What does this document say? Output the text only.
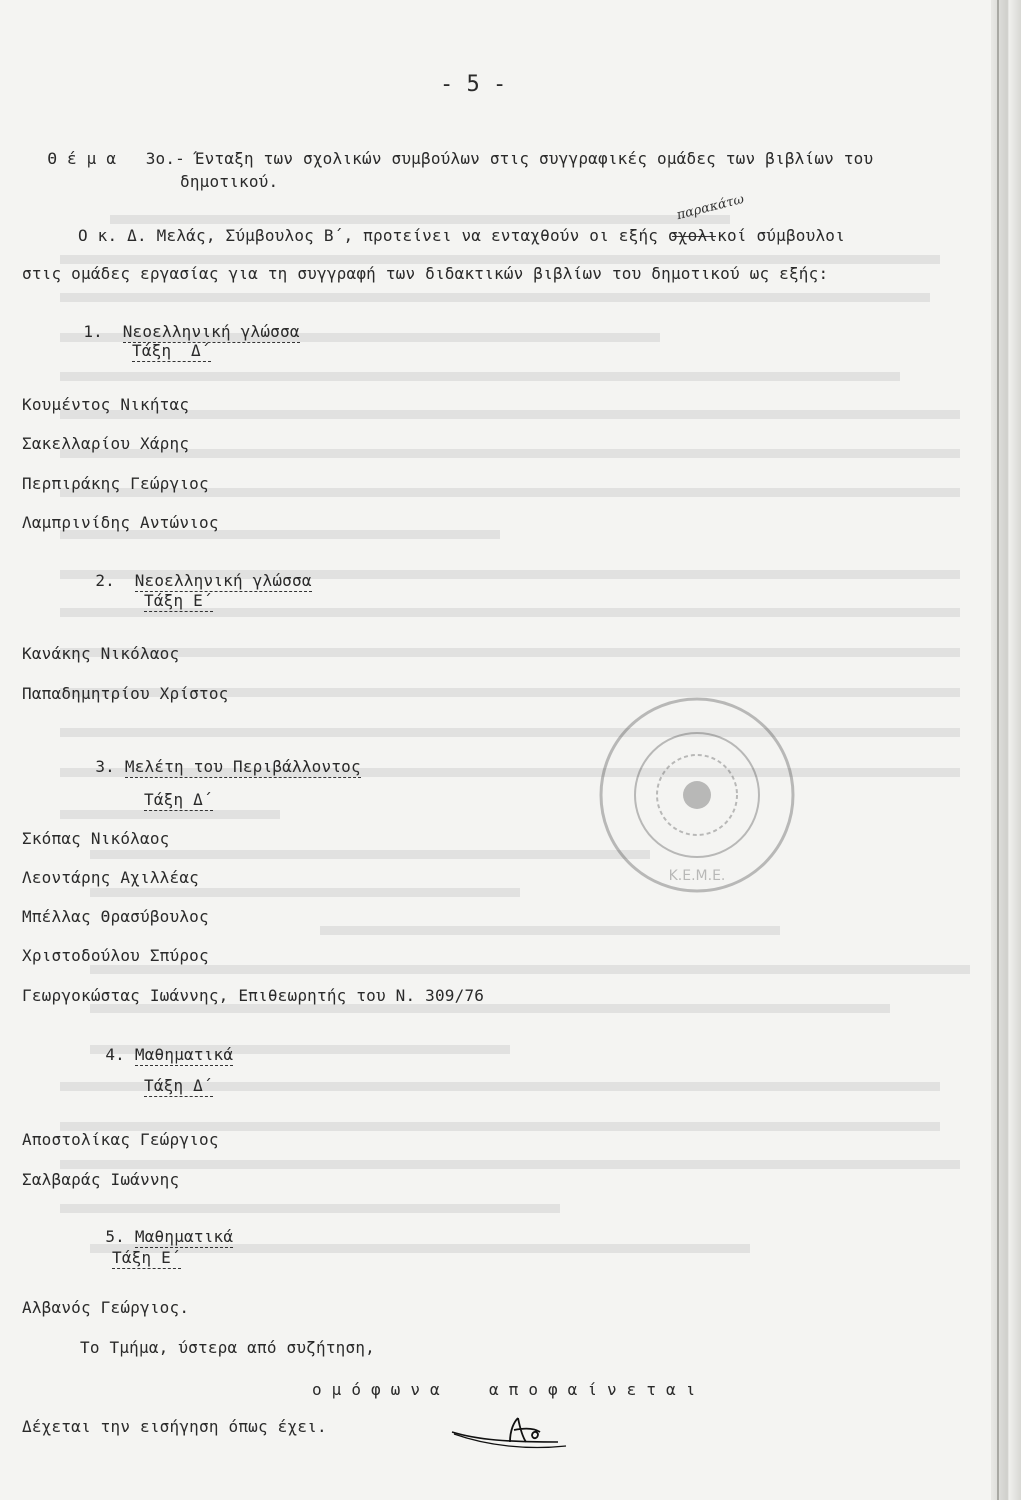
Κ.Ε.Μ.Ε.
- 5 -

Θ έ μ α 3ο.- Ένταξη των σχολικών συμβούλων στις συγγραφικές ομάδες των βιβλίων του

δημοτικού.
παρακάτω
Ο κ. Δ. Μελάς, Σύμβουλος Β΄, προτείνει να ενταχθούν οι εξής σχολικοί σύμβουλοι
στις ομάδες εργασίας για τη συγγραφή των διδακτικών βιβλίων του δημοτικού ως εξής:

1. Νεοελληνική γλώσσα

Τάξη  Δ΄
Κουμέντος Νικήτας
Σακελλαρίου Χάρης
Περπιράκης Γεώργιος
Λαμπρινίδης Αντώνιος

2. Νεοελληνική γλώσσα

Τάξη Ε΄
Κανάκης Νικόλαος
Παπαδημητρίου Χρίστος

3. Μελέτη του Περιβάλλοντος

Τάξη Δ΄
Σκόπας Νικόλαος
Λεοντάρης Αχιλλέας
Μπέλλας Θρασύβουλος
Χριστοδούλου Σπύρος
Γεωργοκώστας Ιωάννης, Επιθεωρητής του Ν. 309/76

4. Μαθηματικά

Τάξη Δ΄
Αποστολίκας Γεώργιος
Σαλβαράς Ιωάννης

5. Μαθηματικά

Τάξη Ε΄
Αλβανός Γεώργιος.
Το Τμήμα, ύστερα από συζήτηση,
ο μ ό φ ω ν α     α π ο φ α ί ν ε τ α ι
Δέχεται την εισήγηση όπως έχει.
